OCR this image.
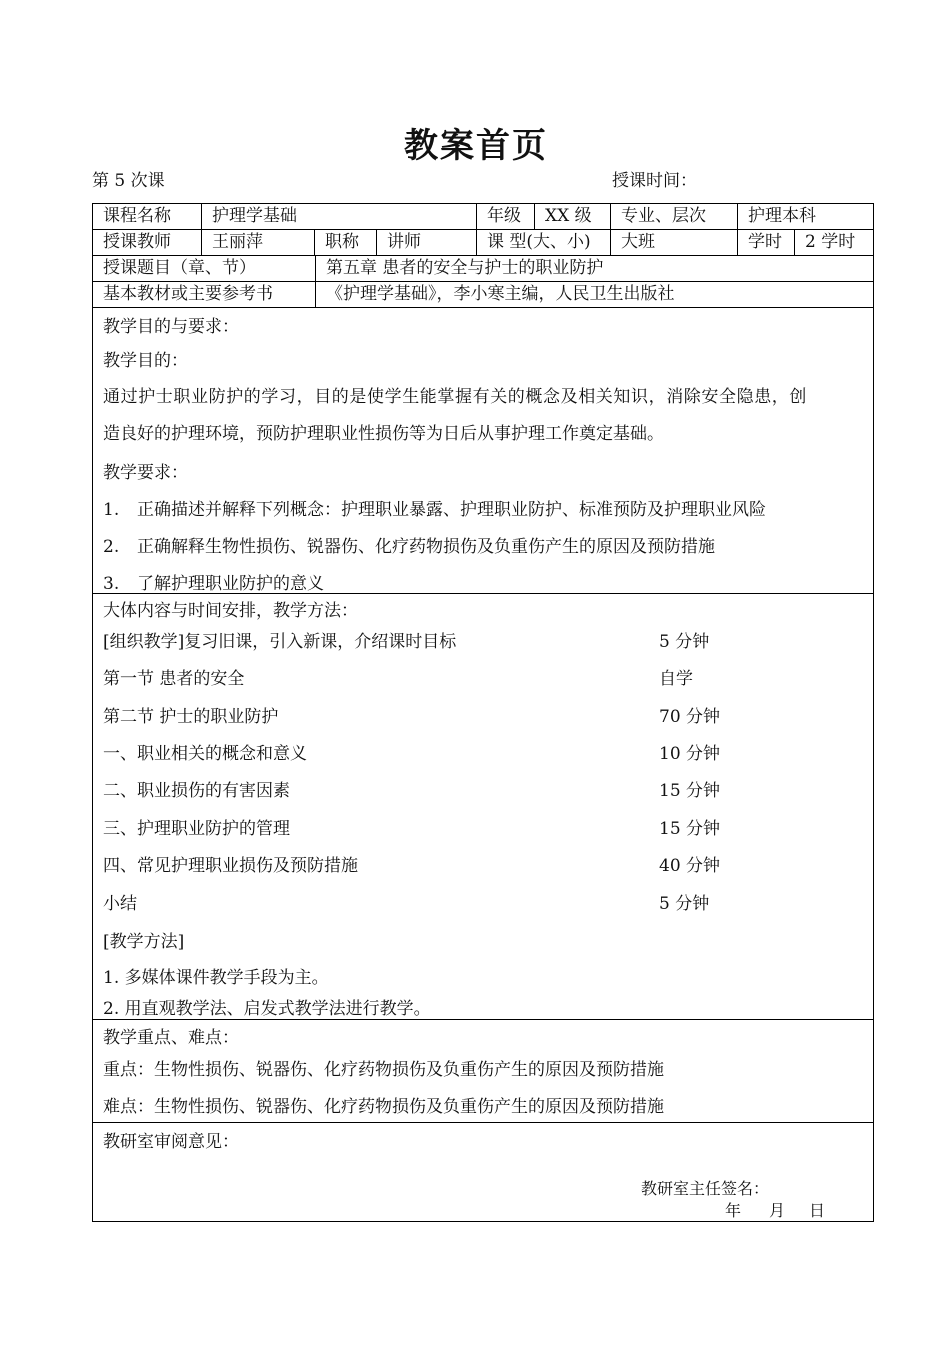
教案首页
第 5 次课	授课时间：
课程名称	护理学基础	年级	XX 级	专业、层次	护理本科
授课教师	王丽萍	职称	讲师	课 型(大、小)	大班	学时	2 学时
授课题目（章、节）	第五章 患者的安全与护士的职业防护
基本教材或主要参考书	《护理学基础》，李小寒主编，人民卫生出版社
教学目的与要求：
教学目的：
通过护士职业防护的学习，目的是使学生能掌握有关的概念及相关知识，消除安全隐患，创
造良好的护理环境，预防护理职业性损伤等为日后从事护理工作奠定基础。
教学要求：
1. 正确描述并解释下列概念：护理职业暴露、护理职业防护、标准预防及护理职业风险
2. 正确解释生物性损伤、锐器伤、化疗药物损伤及负重伤产生的原因及预防措施
3. 了解护理职业防护的意义
大体内容与时间安排，教学方法：
[组织教学]复习旧课，引入新课，介绍课时目标	5 分钟
第一节 患者的安全	自学
第二节 护士的职业防护	70 分钟
一、职业相关的概念和意义	10 分钟
二、职业损伤的有害因素	15 分钟
三、护理职业防护的管理	15 分钟
四、常见护理职业损伤及预防措施	40 分钟
小结	5 分钟
[教学方法]
1. 多媒体课件教学手段为主。
2. 用直观教学法、启发式教学法进行教学。
教学重点、难点：
重点：生物性损伤、锐器伤、化疗药物损伤及负重伤产生的原因及预防措施
难点：生物性损伤、锐器伤、化疗药物损伤及负重伤产生的原因及预防措施
教研室审阅意见：
教研室主任签名：
年 月 日
